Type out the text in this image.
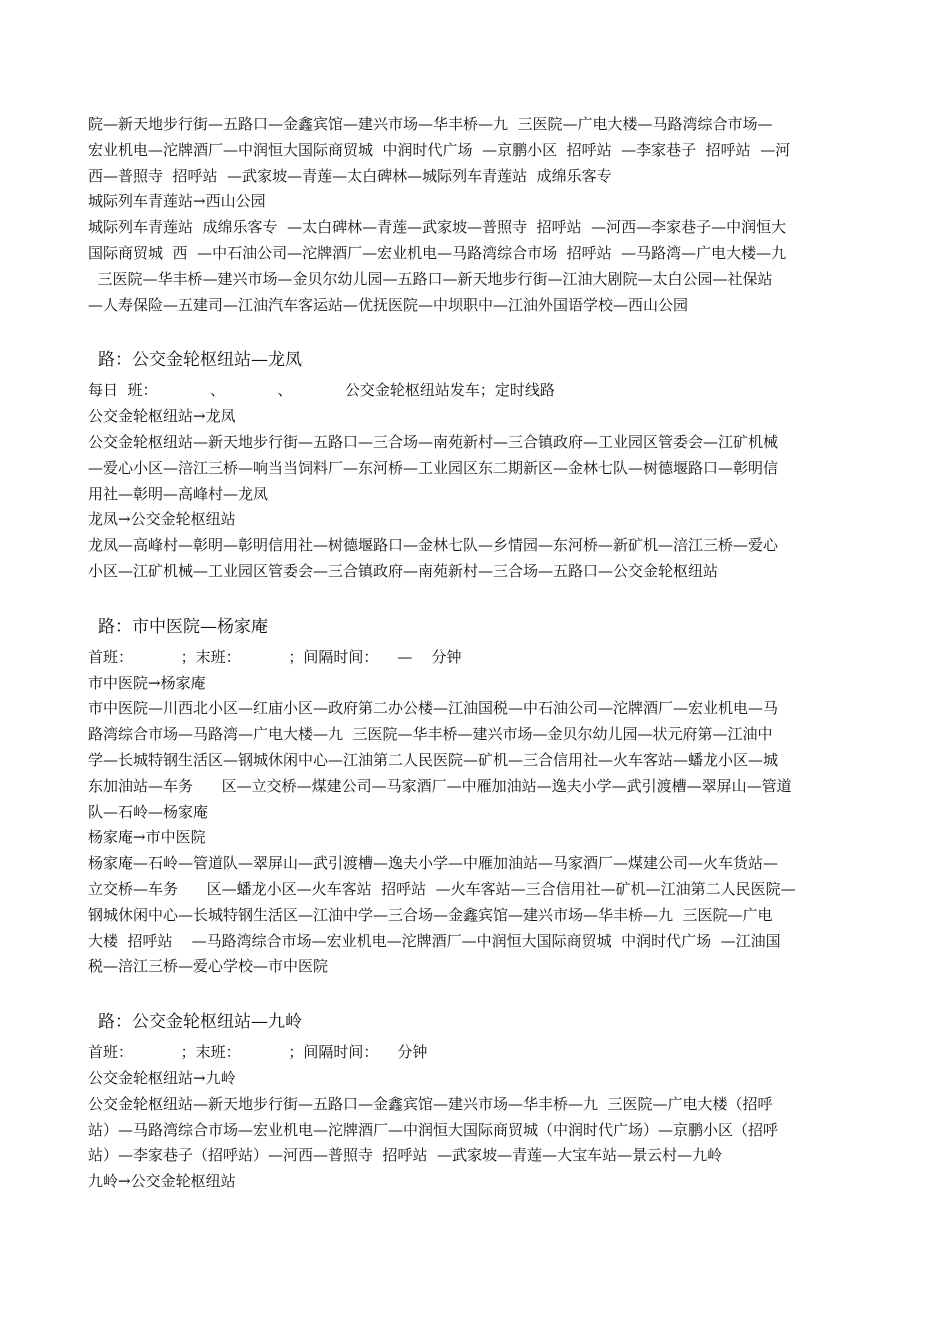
院—新天地步行街—五路口—金鑫宾馆—建兴市场—华丰桥—九  三医院—广电大楼—马路湾综合市场—
宏业机电—沱牌酒厂—中润恒大国际商贸城  中润时代广场  —京鹏小区  招呼站  —李家巷子  招呼站  —河
西—普照寺  招呼站  —武家坡—青莲—太白碑林—城际列车青莲站  成绵乐客专
城际列车青莲站→西山公园
城际列车青莲站  成绵乐客专  —太白碑林—青莲—武家坡—普照寺  招呼站  —河西—李家巷子—中润恒大
国际商贸城  西  —中石油公司—沱牌酒厂—宏业机电—马路湾综合市场  招呼站  —马路湾—广电大楼—九
三医院—华丰桥—建兴市场—金贝尔幼儿园—五路口—新天地步行街—江油大剧院—太白公园—社保站
—人寿保险—五建司—江油汽车客运站—优抚医院—中坝职中—江油外国语学校—西山公园
路：公交金轮枢纽站—龙凤
每日  班：           、           、           公交金轮枢纽站发车；定时线路
公交金轮枢纽站→龙凤
公交金轮枢纽站—新天地步行街—五路口—三合场—南苑新村—三合镇政府—工业园区管委会—江矿机械
—爱心小区—涪江三桥—响当当饲料厂—东河桥—工业园区东二期新区—金林七队—树德堰路口—彰明信
用社—彰明—高峰村—龙凤
龙凤→公交金轮枢纽站
龙凤—高峰村—彰明—彰明信用社—树德堰路口—金林七队—乡情园—东河桥—新矿机—涪江三桥—爱心
小区—江矿机械—工业园区管委会—三合镇政府—南苑新村—三合场—五路口—公交金轮枢纽站
路：市中医院—杨家庵
首班：          ；末班：          ；间隔时间：    —    分钟
市中医院→杨家庵
市中医院—川西北小区—红庙小区—政府第二办公楼—江油国税—中石油公司—沱牌酒厂—宏业机电—马
路湾综合市场—马路湾—广电大楼—九  三医院—华丰桥—建兴市场—金贝尔幼儿园—状元府第—江油中
学—长城特钢生活区—钢城休闲中心—江油第二人民医院—矿机—三合信用社—火车客站—蟠龙小区—城
东加油站—车务      区—立交桥—煤建公司—马家酒厂—中雁加油站—逸夫小学—武引渡槽—翠屏山—管道
队—石岭—杨家庵
杨家庵→市中医院
杨家庵—石岭—管道队—翠屏山—武引渡槽—逸夫小学—中雁加油站—马家酒厂—煤建公司—火车货站—
立交桥—车务      区—蟠龙小区—火车客站  招呼站  —火车客站—三合信用社—矿机—江油第二人民医院—
钢城休闲中心—长城特钢生活区—江油中学—三合场—金鑫宾馆—建兴市场—华丰桥—九  三医院—广电
大楼  招呼站    —马路湾综合市场—宏业机电—沱牌酒厂—中润恒大国际商贸城  中润时代广场  —江油国
税—涪江三桥—爱心学校—市中医院
路：公交金轮枢纽站—九岭
首班：          ；末班：          ；间隔时间：    分钟
公交金轮枢纽站→九岭
公交金轮枢纽站—新天地步行街—五路口—金鑫宾馆—建兴市场—华丰桥—九  三医院—广电大楼（招呼
站）—马路湾综合市场—宏业机电—沱牌酒厂—中润恒大国际商贸城（中润时代广场）—京鹏小区（招呼
站）—李家巷子（招呼站）—河西—普照寺  招呼站  —武家坡—青莲—大宝车站—景云村—九岭
九岭→公交金轮枢纽站
